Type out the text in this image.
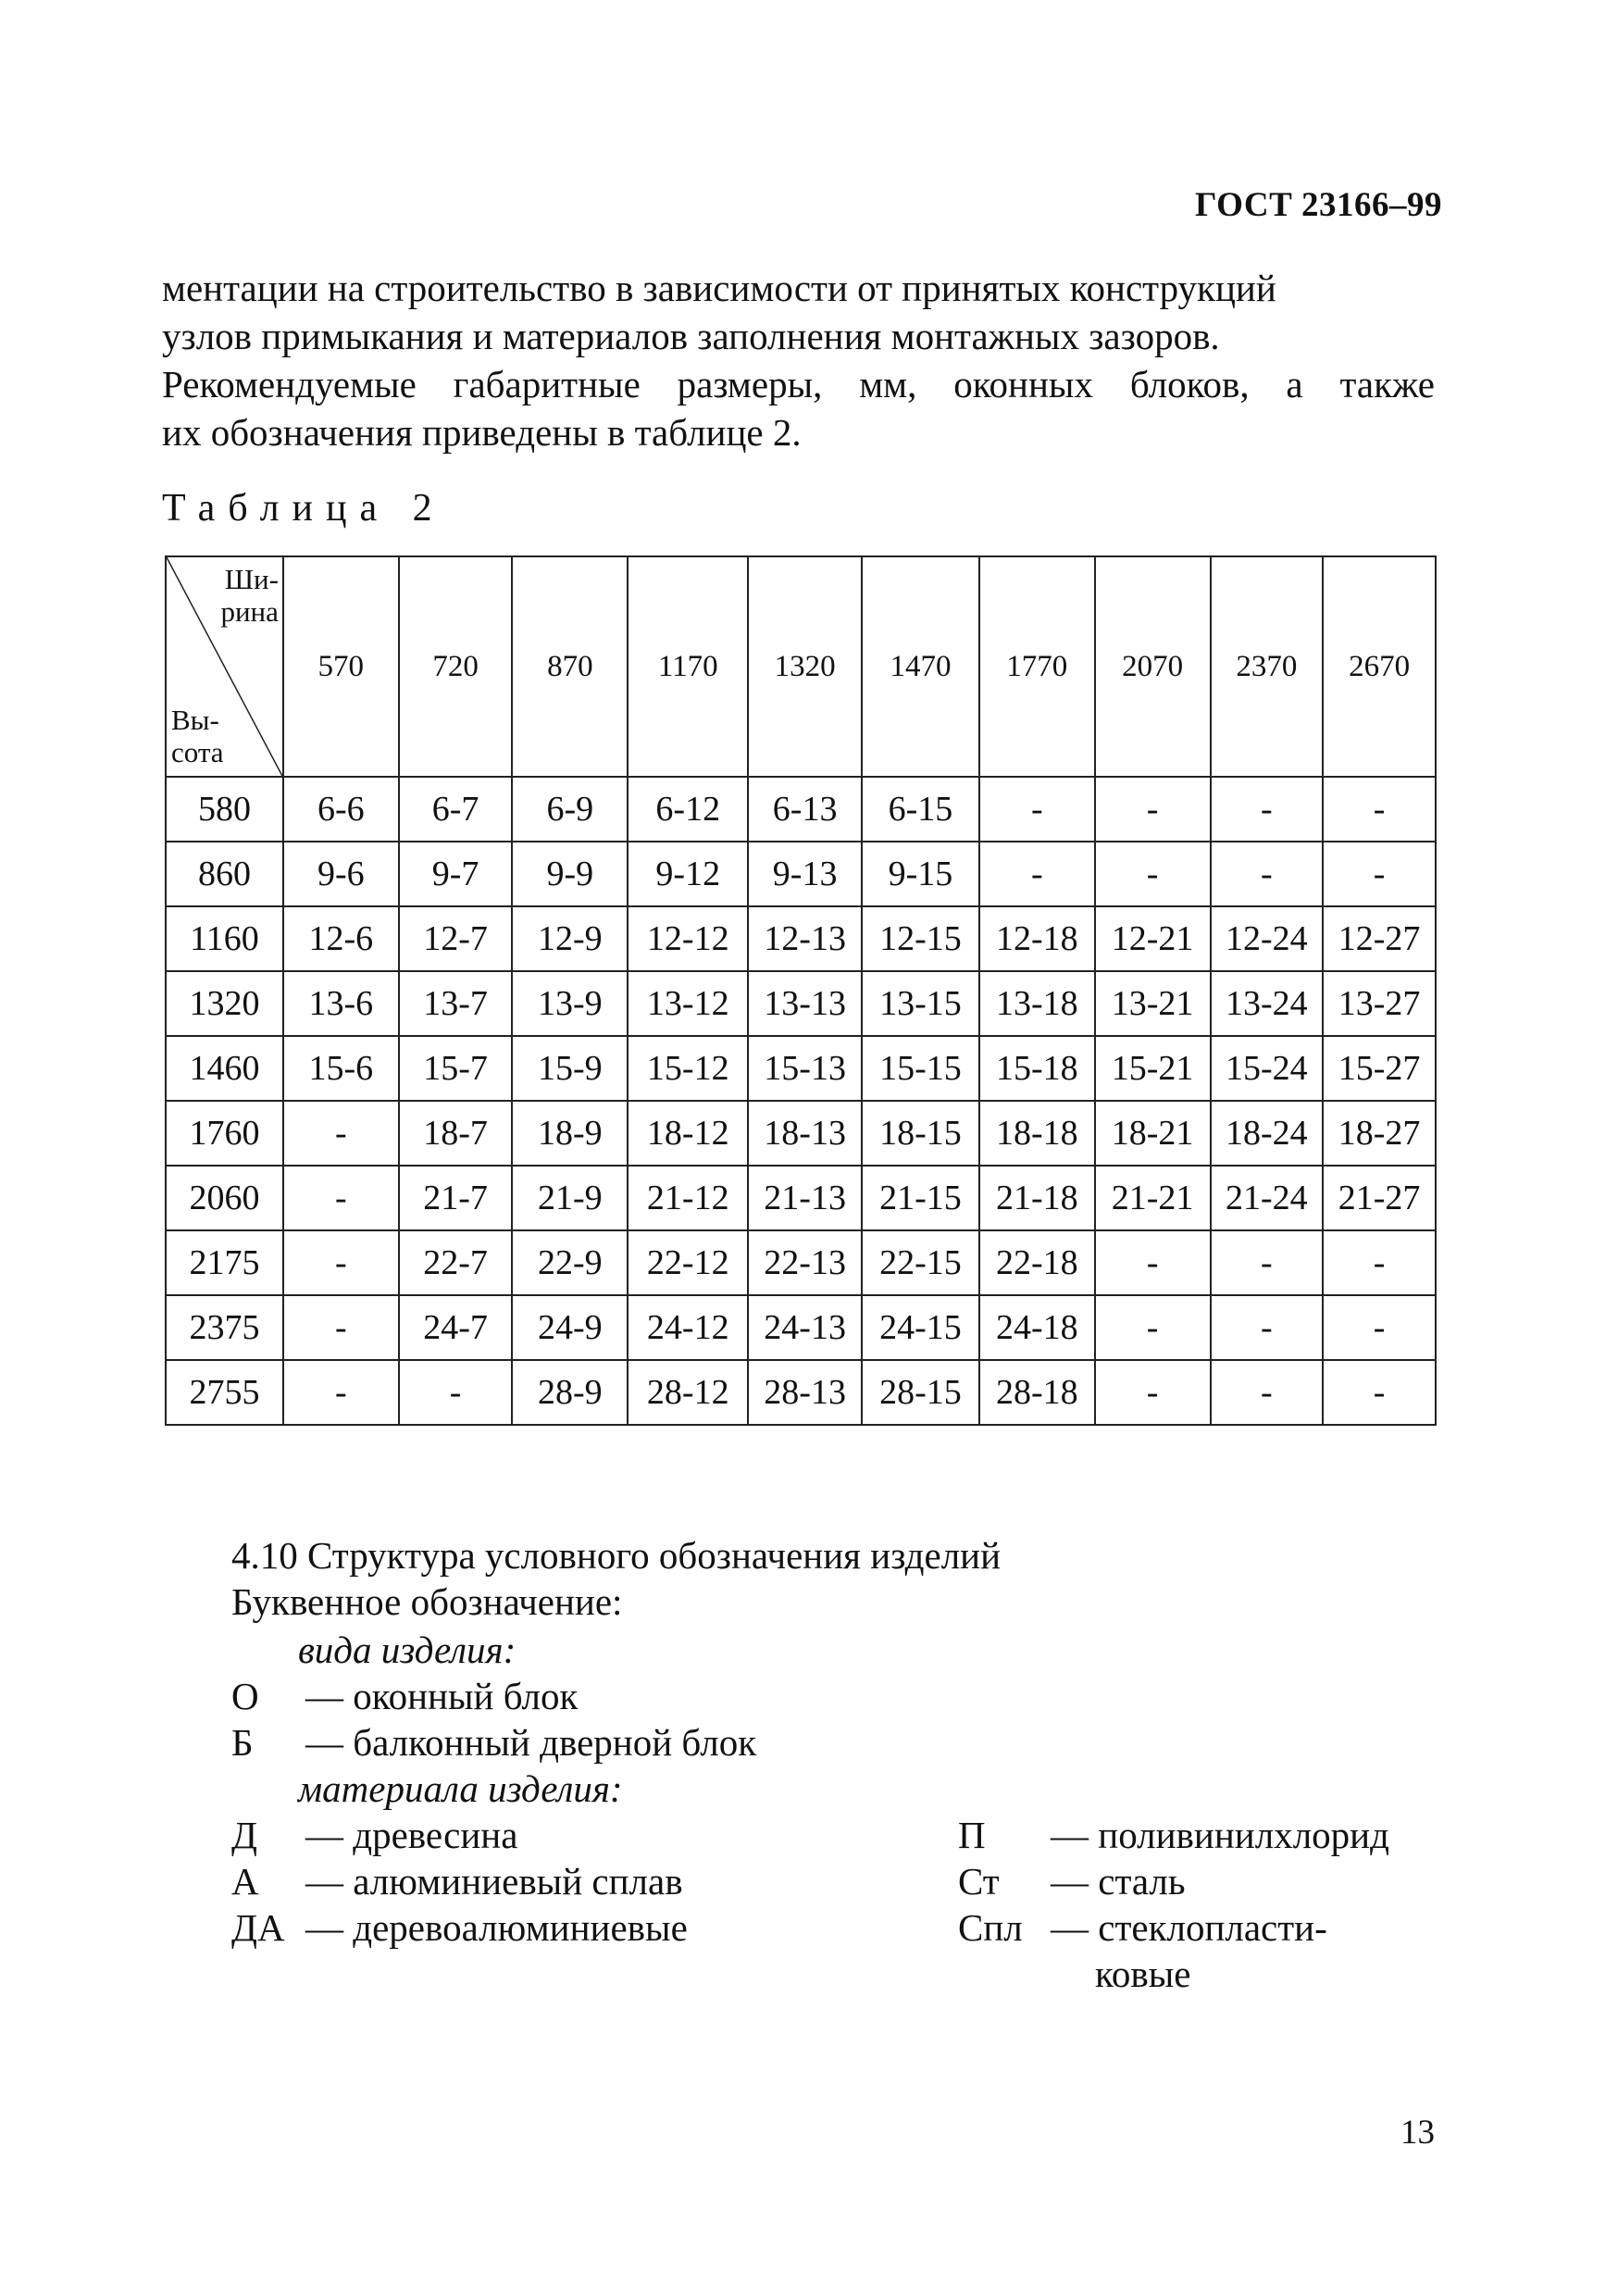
ГОСТ 23166–99
ментации на строительство в зависимости от принятых конструкций
узлов примыкания и материалов заполнения монтажных зазоров.
Рекомендуемые габаритные размеры, мм, оконных блоков, а также
их обозначения приведены в таблице 2.
Таблица 2
Ши-
рина
Вы-
сота	570	720	870	1170	1320	1470	1770	2070	2370	2670
580	6-6	6-7	6-9	6-12	6-13	6-15	-	-	-	-
860	9-6	9-7	9-9	9-12	9-13	9-15	-	-	-	-
1160	12-6	12-7	12-9	12-12	12-13	12-15	12-18	12-21	12-24	12-27
1320	13-6	13-7	13-9	13-12	13-13	13-15	13-18	13-21	13-24	13-27
1460	15-6	15-7	15-9	15-12	15-13	15-15	15-18	15-21	15-24	15-27
1760	-	18-7	18-9	18-12	18-13	18-15	18-18	18-21	18-24	18-27
2060	-	21-7	21-9	21-12	21-13	21-15	21-18	21-21	21-24	21-27
2175	-	22-7	22-9	22-12	22-13	22-15	22-18	-	-	-
2375	-	24-7	24-9	24-12	24-13	24-15	24-18	-	-	-
2755	-	-	28-9	28-12	28-13	28-15	28-18	-	-	-
4.10 Структура условного обозначения изделий
Буквенное обозначение:
вида изделия:
О — оконный блок
Б — балконный дверной блок
материала изделия:
Д — древесина
А — алюминиевый сплав
ДА — деревоалюминиевые
П — поливинилхлорид
Ст — сталь
Спл — стеклопласти-
ковые
13
